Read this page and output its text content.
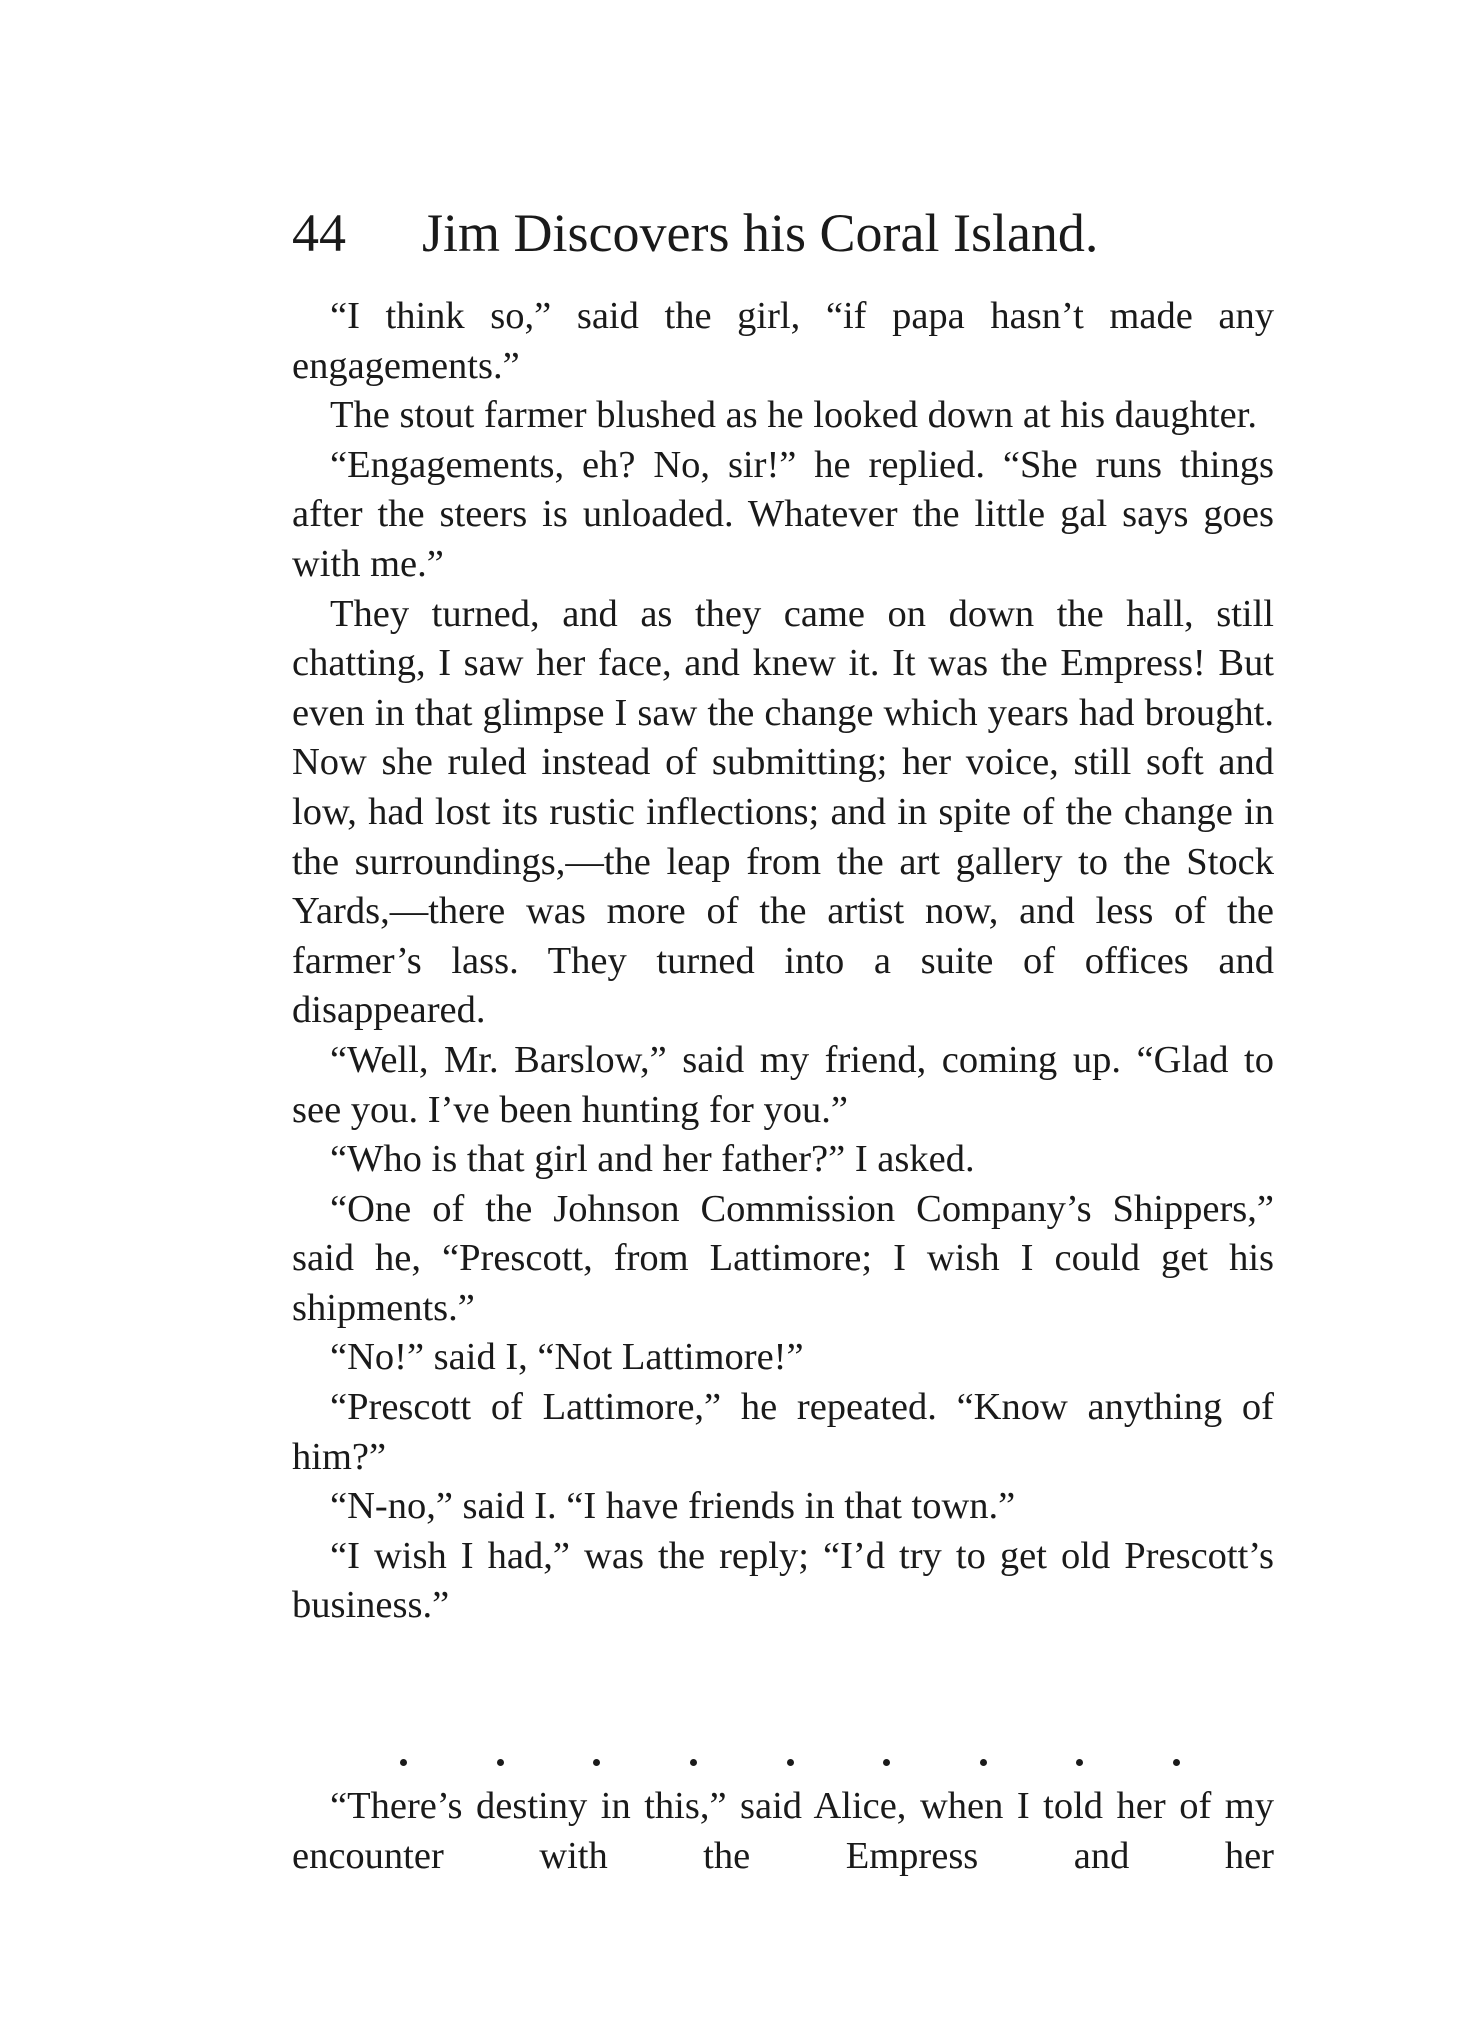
44 Jim Discovers his Coral Island.

“I think so,” said the girl, “if papa hasn’t made any engagements.”

The stout farmer blushed as he looked down at his daughter.

“Engagements, eh? No, sir!” he replied. “She runs things after the steers is unloaded. Whatever the little gal says goes with me.”

They turned, and as they came on down the hall, still chatting, I saw her face, and knew it. It was the Empress! But even in that glimpse I saw the change which years had brought. Now she ruled instead of submitting; her voice, still soft and low, had lost its rustic inflections; and in spite of the change in the surroundings,—the leap from the art gallery to the Stock Yards,—there was more of the artist now, and less of the farmer’s lass. They turned into a suite of offices and disappeared.

“Well, Mr. Barslow,” said my friend, coming up. “Glad to see you. I’ve been hunting for you.”

“Who is that girl and her father?” I asked.

“One of the Johnson Commission Company’s Shippers,” said he, “Prescott, from Lattimore; I wish I could get his shipments.”

“No!” said I, “Not Lattimore!”

“Prescott of Lattimore,” he repeated. “Know anything of him?”

“N-no,” said I. “I have friends in that town.”

“I wish I had,” was the reply; “I’d try to get old Prescott’s business.”

“There’s destiny in this,” said Alice, when I told her of my encounter with the Empress and her
